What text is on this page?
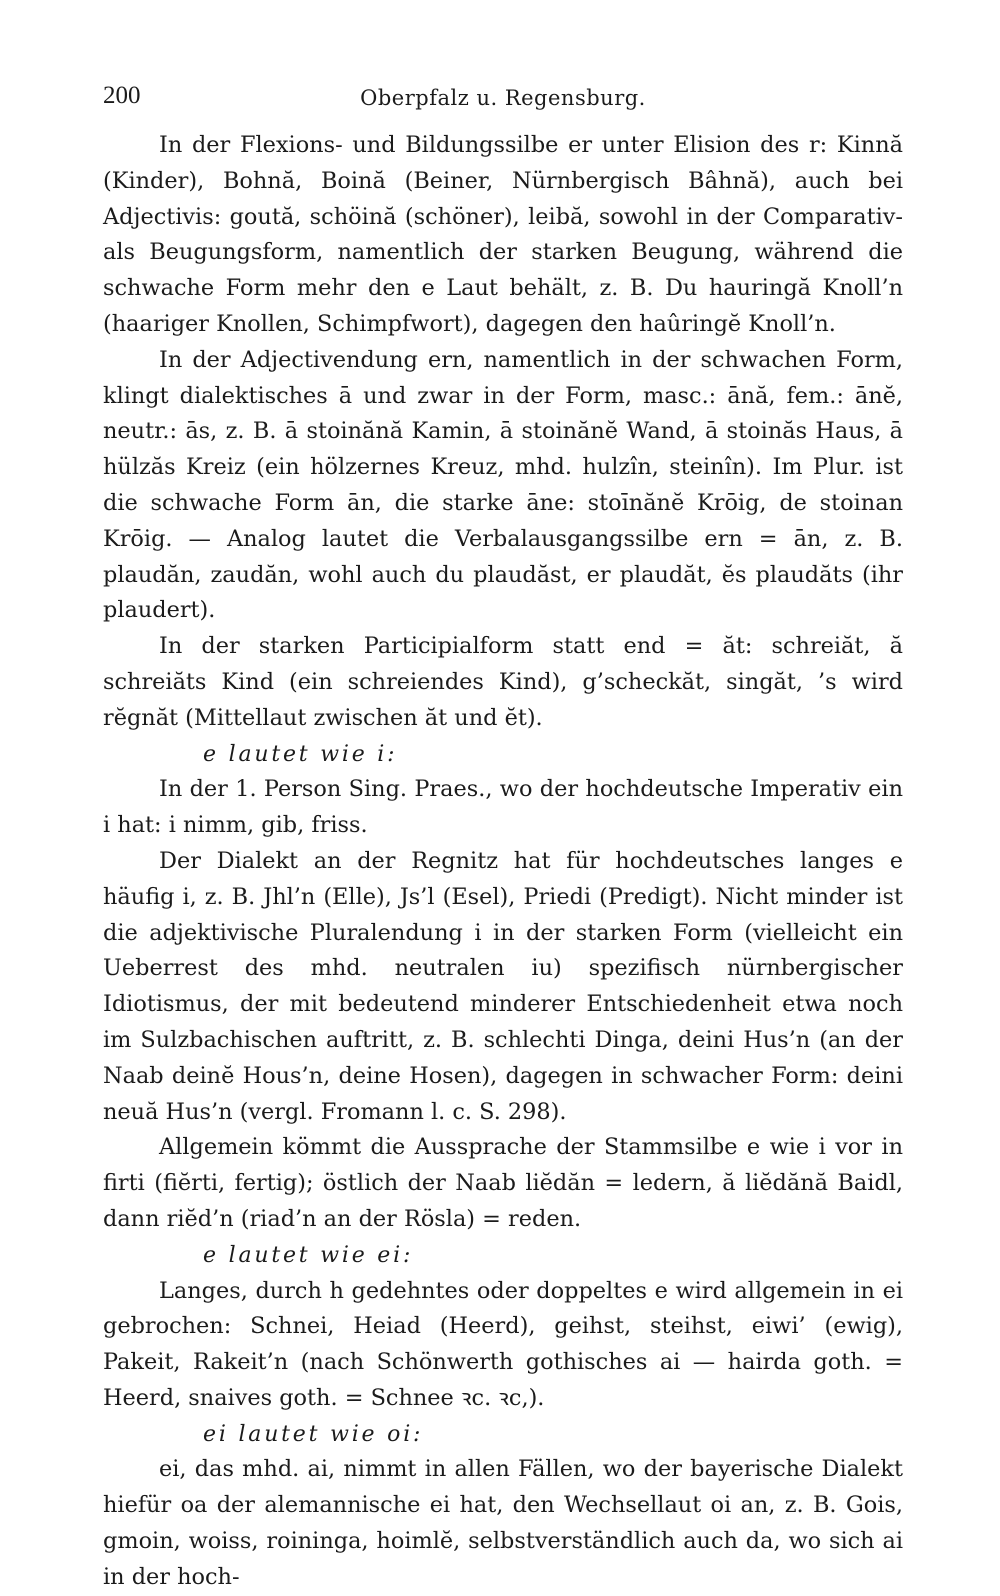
200	Oberpfalz u. Regensburg.

In der Flexions- und Bildungssilbe er unter Elision des r: Kinnă (Kinder), Bohnă, Boină (Beiner, Nürnbergisch Bâhnă), auch bei Adjectivis: goută, schöină (schöner), leibă, sowohl in der Comparativ- als Beugungsform, namentlich der starken Beugung, während die schwache Form mehr den e Laut behält, z. B. Du hauringă Knoll’n (haariger Knollen, Schimpfwort), dagegen den haûringĕ Knoll’n.

In der Adjectivendung ern, namentlich in der schwachen Form, klingt dialektisches ā und zwar in der Form, masc.: ānă, fem.: ānĕ, neutr.: ās, z. B. ā stoinănă Kamin, ā stoinănĕ Wand, ā stoinăs Haus, ā hülzăs Kreiz (ein hölzernes Kreuz, mhd. hulzîn, steinîn). Im Plur. ist die schwache Form ān, die starke āne: stoīnănĕ Krōig, de stoinan Krōig. — Analog lautet die Verbalausgangssilbe ern = ān, z. B. plaudăn, zaudăn, wohl auch du plaudăst, er plaudăt, ĕs plaudăts (ihr plaudert).

In der starken Participialform statt end = ăt: schreiăt, ă schreiăts Kind (ein schreiendes Kind), g’scheckăt, singăt, ’s wird rĕgnăt (Mittellaut zwischen ăt und ĕt).

e lautet wie i:

In der 1. Person Sing. Praes., wo der hochdeutsche Imperativ ein i hat: i nimm, gib, friss.

Der Dialekt an der Regnitz hat für hochdeutsches langes e häufig i, z. B. Jhl’n (Elle), Js’l (Esel), Priedi (Predigt). Nicht minder ist die adjektivische Pluralendung i in der starken Form (vielleicht ein Ueberrest des mhd. neutralen iu) spezifisch nürnbergischer Idiotismus, der mit bedeutend minderer Entschiedenheit etwa noch im Sulzbachischen auftritt, z. B. schlechti Dinga, deini Hus’n (an der Naab deinĕ Hous’n, deine Hosen), dagegen in schwacher Form: deini neuă Hus’n (vergl. Fromann l. c. S. 298).

Allgemein kömmt die Aussprache der Stammsilbe e wie i vor in firti (fiĕrti, fertig); östlich der Naab liĕdăn = ledern, ă liĕdănă Baidl, dann riĕd’n (riad’n an der Rösla) = reden.

e lautet wie ei:

Langes, durch h gedehntes oder doppeltes e wird allgemein in ei gebrochen: Schnei, Heiad (Heerd), geihst, steihst, eiwi’ (ewig), Pakeit, Rakeit’n (nach Schönwerth gothisches ai — hairda goth. = Heerd, snaives goth. = Schnee ꝛc. ꝛc,).

ei lautet wie oi:

ei, das mhd. ai, nimmt in allen Fällen, wo der bayerische Dialekt hiefür oa der alemannische ei hat, den Wechsellaut oi an, z. B. Gois, gmoin, woiss, roininga, hoimlĕ, selbstverständlich auch da, wo sich ai in der hoch-
